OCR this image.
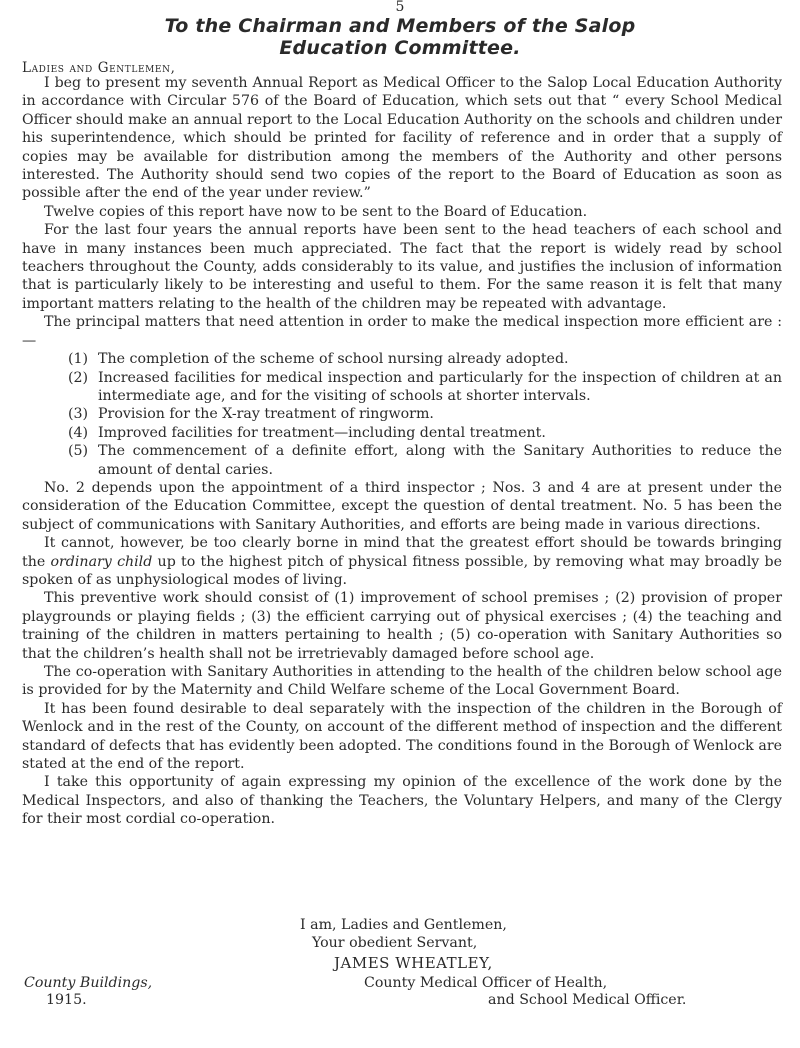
5
To the Chairman and Members of the Salop
Education Committee.
Ladies and Gentlemen,

I beg to present my seventh Annual Report as Medical Officer to the Salop Local Education Authority in accordance with Circular 576 of the Board of Education, which sets out that “ every School Medical Officer should make an annual report to the Local Education Authority on the schools and children under his superintendence, which should be printed for facility of reference and in order that a supply of copies may be available for distribution among the members of the Authority and other persons interested. The Authority should send two copies of the report to the Board of Education as soon as possible after the end of the year under review.”

Twelve copies of this report have now to be sent to the Board of Education.

For the last four years the annual reports have been sent to the head teachers of each school and have in many instances been much appreciated. The fact that the report is widely read by school teachers throughout the County, adds considerably to its value, and justifies the inclusion of information that is particularly likely to be interesting and useful to them. For the same reason it is felt that many important matters relating to the health of the children may be repeated with advantage.

The principal matters that need attention in order to make the medical inspection more efficient are :—

(1) The completion of the scheme of school nursing already adopted.
(2) Increased facilities for medical inspection and particularly for the inspection of children at an intermediate age, and for the visiting of schools at shorter intervals.
(3) Provision for the X-ray treatment of ringworm.
(4) Improved facilities for treatment—including dental treatment.
(5) The commencement of a definite effort, along with the Sanitary Authorities to reduce the amount of dental caries.

No. 2 depends upon the appointment of a third inspector ; Nos. 3 and 4 are at present under the consideration of the Education Committee, except the question of dental treatment. No. 5 has been the subject of communications with Sanitary Authorities, and efforts are being made in various directions.

It cannot, however, be too clearly borne in mind that the greatest effort should be towards bringing the ordinary child up to the highest pitch of physical fitness possible, by removing what may broadly be spoken of as unphysiological modes of living.

This preventive work should consist of (1) improvement of school premises ; (2) provision of proper playgrounds or playing fields ; (3) the efficient carrying out of physical exercises ; (4) the teaching and training of the children in matters pertaining to health ; (5) co-operation with Sanitary Authorities so that the children’s health shall not be irretrievably damaged before school age.

The co-operation with Sanitary Authorities in attending to the health of the children below school age is provided for by the Maternity and Child Welfare scheme of the Local Government Board.

It has been found desirable to deal separately with the inspection of the children in the Borough of Wenlock and in the rest of the County, on account of the different method of inspection and the different standard of defects that has evidently been adopted. The conditions found in the Borough of Wenlock are stated at the end of the report.

I take this opportunity of again expressing my opinion of the excellence of the work done by the Medical Inspectors, and also of thanking the Teachers, the Voluntary Helpers, and many of the Clergy for their most cordial co-operation.

I am, Ladies and Gentlemen,
Your obedient Servant,
JAMES WHEATLEY,
County Buildings,
1915.
County Medical Officer of Health,
and School Medical Officer.
